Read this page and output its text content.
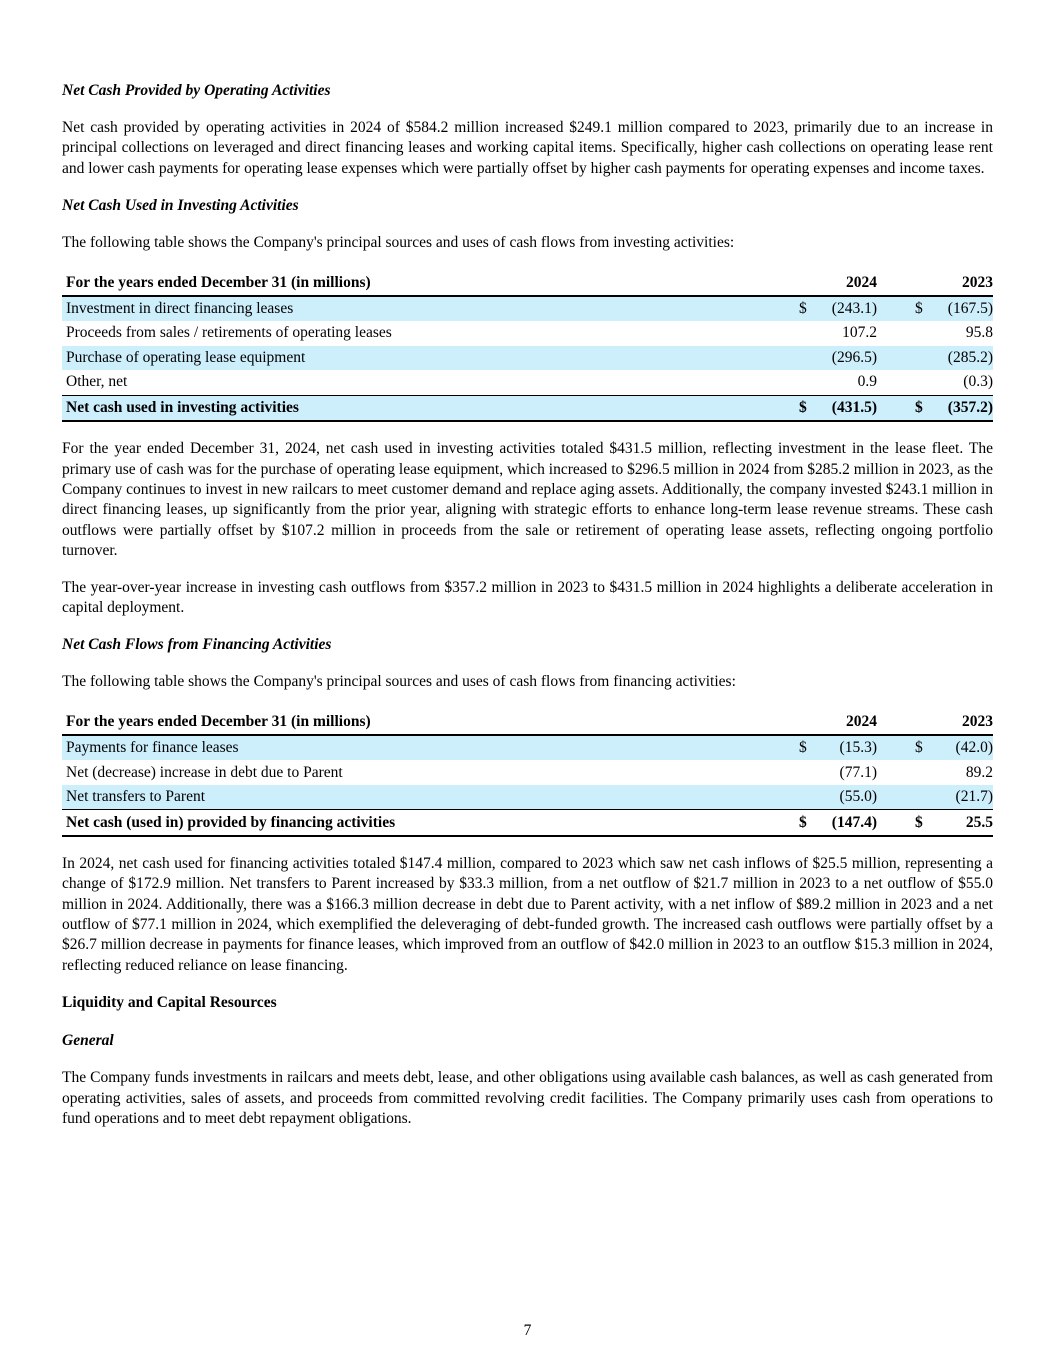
Net Cash Provided by Operating Activities

Net cash provided by operating activities in 2024 of $584.2 million increased $249.1 million compared to 2023, primarily due to an increase in principal collections on leveraged and direct financing leases and working capital items. Specifically, higher cash collections on operating lease rent and lower cash payments for operating lease expenses which were partially offset by higher cash payments for operating expenses and income taxes.

Net Cash Used in Investing Activities

The following table shows the Company's principal sources and uses of cash flows from investing activities:

For the years ended December 31 (in millions)	2024			2023	
Investment in direct financing leases	$	(243.1)		$	(167.5)
Proceeds from sales / retirements of operating leases		107.2			95.8
Purchase of operating lease equipment		(296.5)			(285.2)
Other, net		0.9			(0.3)
Net cash used in investing activities	$	(431.5)		$	(357.2)

For the year ended December 31, 2024, net cash used in investing activities totaled $431.5 million, reflecting investment in the lease fleet. The primary use of cash was for the purchase of operating lease equipment, which increased to $296.5 million in 2024 from $285.2 million in 2023, as the Company continues to invest in new railcars to meet customer demand and replace aging assets. Additionally, the company invested $243.1 million in direct financing leases, up significantly from the prior year, aligning with strategic efforts to enhance long-term lease revenue streams. These cash outflows were partially offset by $107.2 million in proceeds from the sale or retirement of operating lease assets, reflecting ongoing portfolio turnover.

The year-over-year increase in investing cash outflows from $357.2 million in 2023 to $431.5 million in 2024 highlights a deliberate acceleration in capital deployment.

Net Cash Flows from Financing Activities

The following table shows the Company's principal sources and uses of cash flows from financing activities:

For the years ended December 31 (in millions)	2024			2023	
Payments for finance leases	$	(15.3)		$	(42.0)
Net (decrease) increase in debt due to Parent		(77.1)			89.2
Net transfers to Parent		(55.0)			(21.7)
Net cash (used in) provided by financing activities	$	(147.4)		$	25.5

In 2024, net cash used for financing activities totaled $147.4 million, compared to 2023 which saw net cash inflows of $25.5 million, representing a change of $172.9 million. Net transfers to Parent increased by $33.3 million, from a net outflow of $21.7 million in 2023 to a net outflow of $55.0 million in 2024. Additionally, there was a $166.3 million decrease in debt due to Parent activity, with a net inflow of $89.2 million in 2023 and a net outflow of $77.1 million in 2024, which exemplified the deleveraging of debt-funded growth. The increased cash outflows were partially offset by a $26.7 million decrease in payments for finance leases, which improved from an outflow of $42.0 million in 2023 to an outflow $15.3 million in 2024, reflecting reduced reliance on lease financing.

Liquidity and Capital Resources
General

The Company funds investments in railcars and meets debt, lease, and other obligations using available cash balances, as well as cash generated from operating activities, sales of assets, and proceeds from committed revolving credit facilities. The Company primarily uses cash from operations to fund operations and to meet debt repayment obligations.

7
